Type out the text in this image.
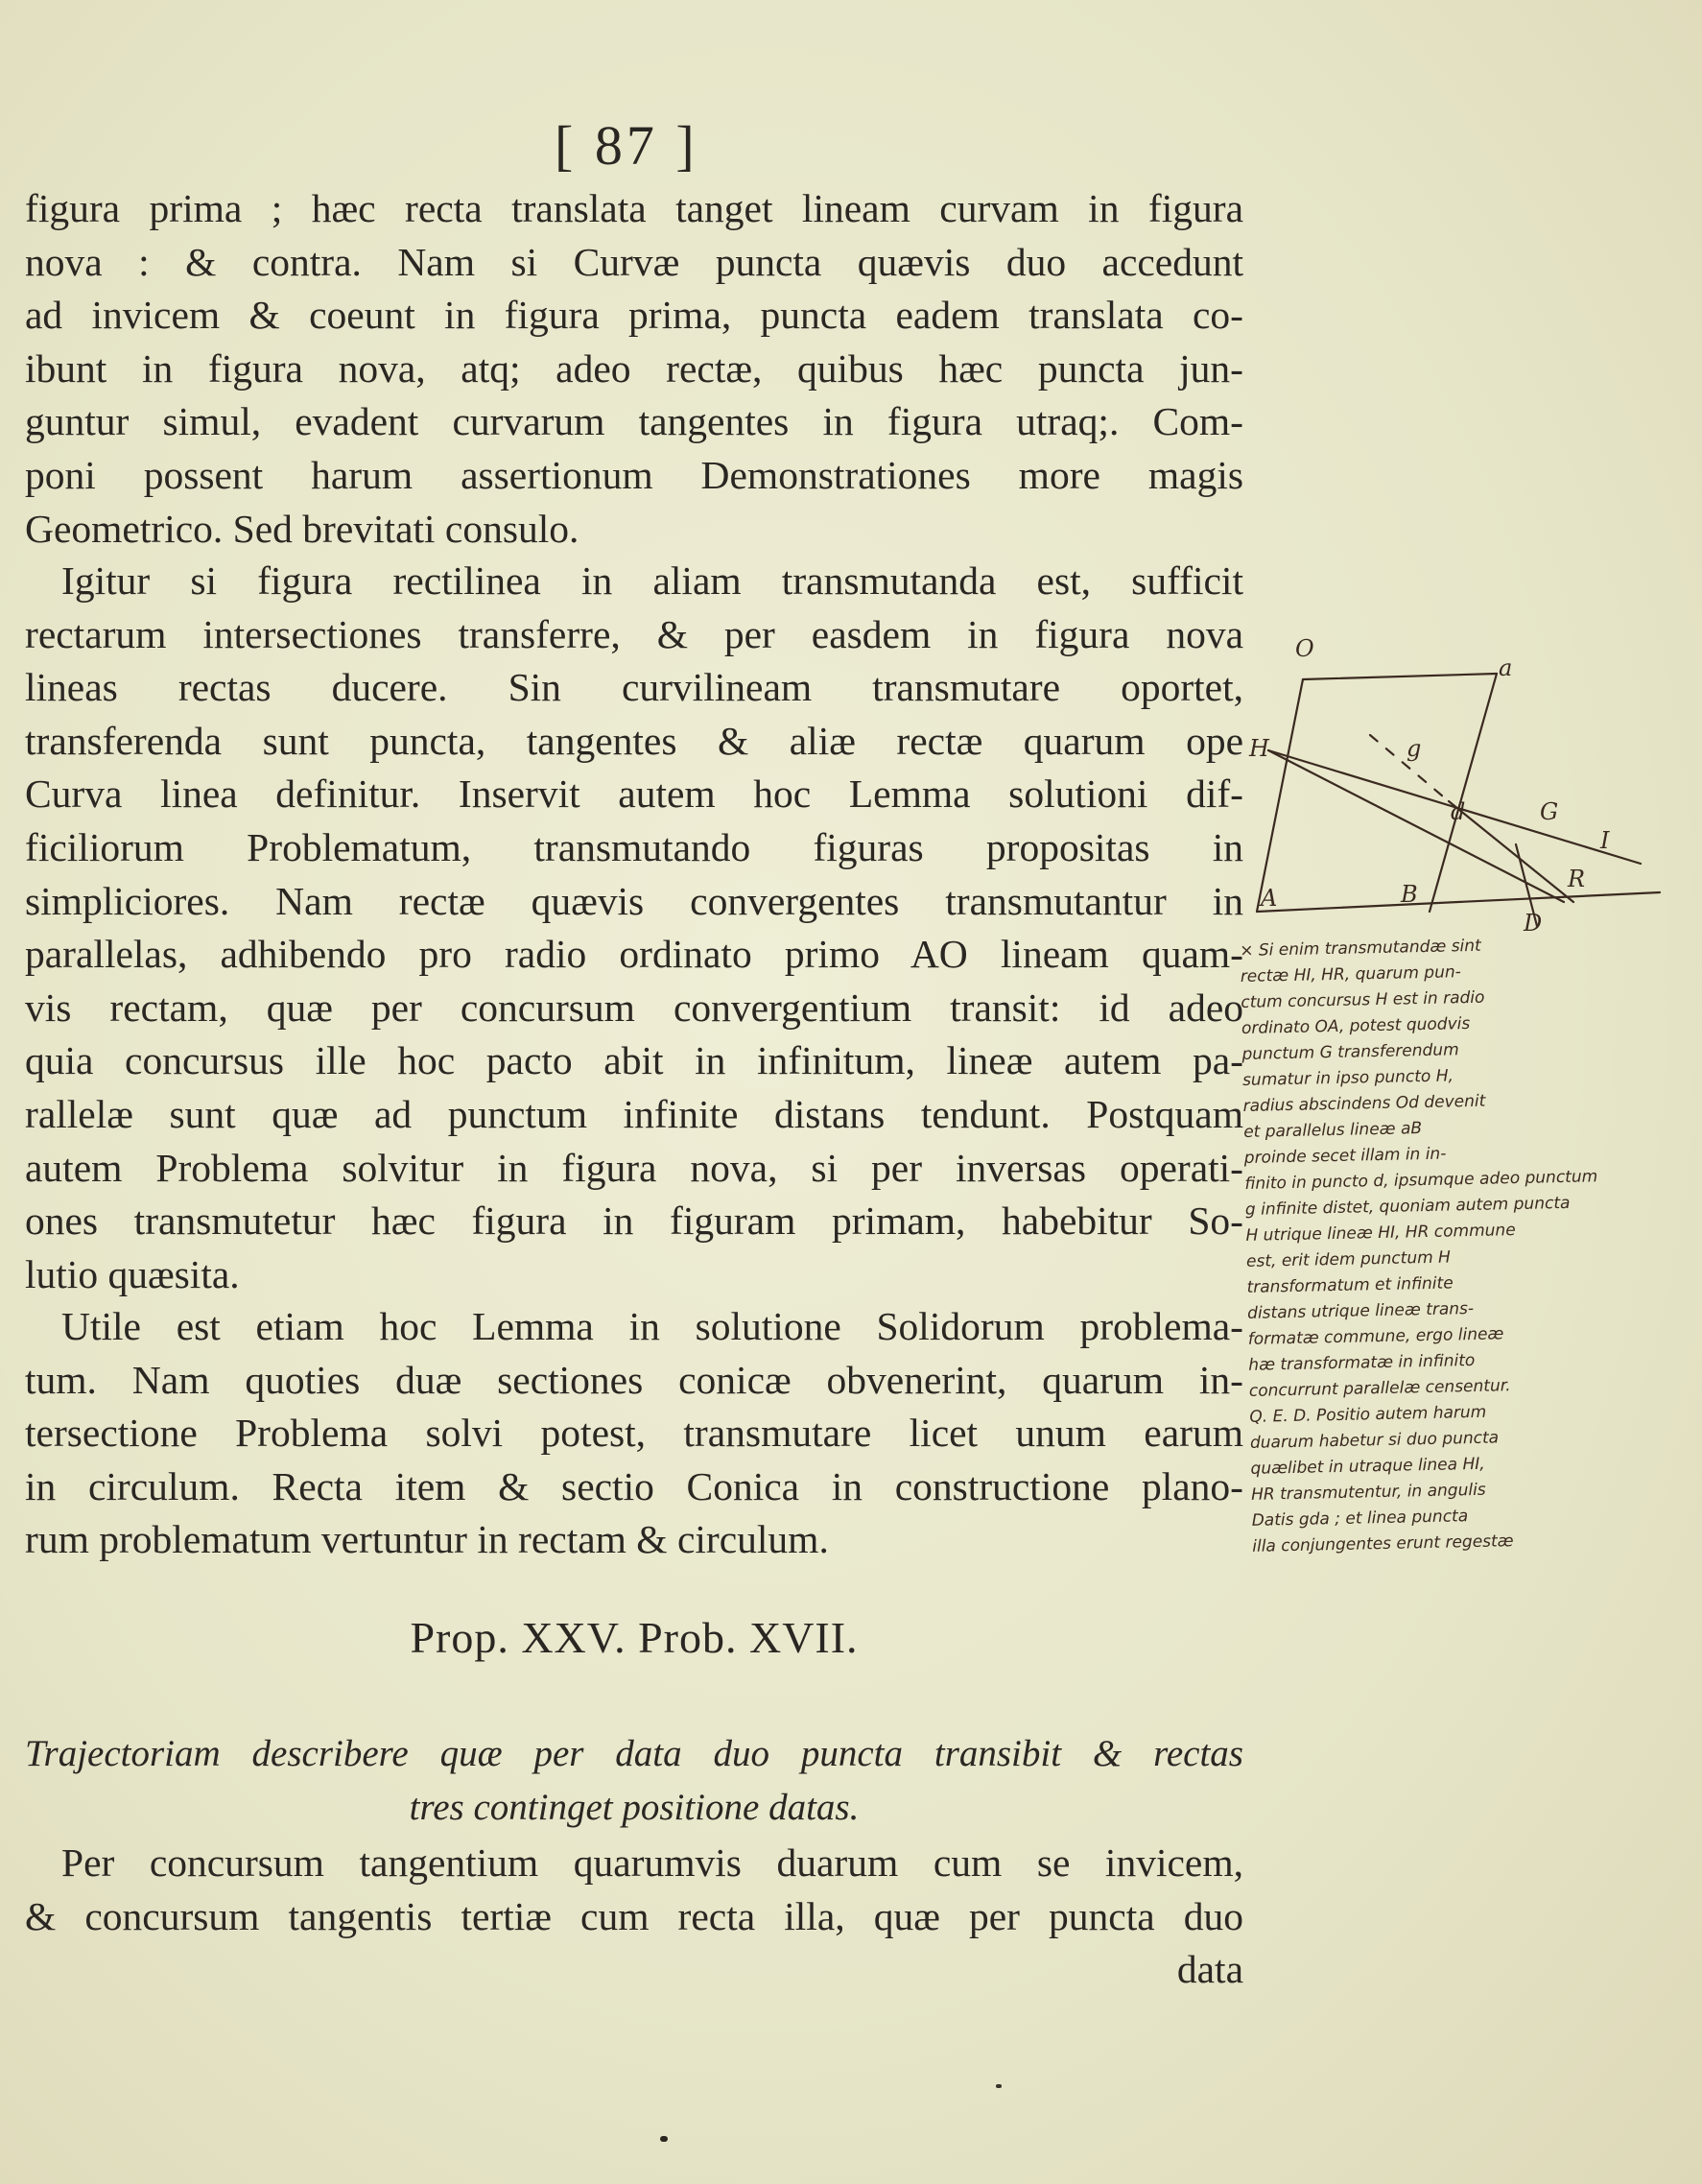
[ 87 ]
figura prima ; hæc recta translata tanget lineam curvam in figura
nova : & contra. Nam si Curvæ puncta quævis duo accedunt
ad invicem & coeunt in figura prima, puncta eadem translata co-
ibunt in figura nova, atq; adeo rectæ, quibus hæc puncta jun-
guntur simul, evadent curvarum tangentes in figura utraq;. Com-
poni possent harum assertionum Demonstrationes more magis
Geometrico. Sed brevitati consulo.
Igitur si figura rectilinea in aliam transmutanda est, sufficit
rectarum intersectiones transferre, & per easdem in figura nova
lineas rectas ducere. Sin curvilineam transmutare oportet,
transferenda sunt puncta, tangentes & aliæ rectæ quarum ope
Curva linea definitur. Inservit autem hoc Lemma solutioni dif-
ficiliorum Problematum, transmutando figuras propositas in
simpliciores. Nam rectæ quævis convergentes transmutantur in
parallelas, adhibendo pro radio ordinato primo AO lineam quam-
vis rectam, quæ per concursum convergentium transit: id adeo
quia concursus ille hoc pacto abit in infinitum, lineæ autem pa-
rallelæ sunt quæ ad punctum infinite distans tendunt. Postquam
autem Problema solvitur in figura nova, si per inversas operati-
ones transmutetur hæc figura in figuram primam, habebitur So-
lutio quæsita.
Utile est etiam hoc Lemma in solutione Solidorum problema-
tum. Nam quoties duæ sectiones conicæ obvenerint, quarum in-
tersectione Problema solvi potest, transmutare licet unum earum
in circulum. Recta item & sectio Conica in constructione plano-
rum problematum vertuntur in rectam & circulum.
Prop. XXV. Prob. XVII.
Trajectoriam describere quæ per data duo puncta transibit & rectas
tres continget positione datas.
Per concursum tangentium quarumvis duarum cum se invicem,
& concursum tangentis tertiæ cum recta illa, quæ per puncta duo
data
O
a
H	g
G
d
I
A	B
R
D
× Si enim transmutandæ sint
rectæ HI, HR, quarum pun-
ctum concursus H est in radio
ordinato OA, potest quodvis
punctum G transferendum
sumatur in ipso puncto H,
radius abscindens Od devenit
et parallelus lineæ aB
proinde secet illam in in-
finito in puncto d, ipsumque adeo punctum
g infinite distet, quoniam autem puncta
H utrique lineæ HI, HR commune
est, erit idem punctum H
transformatum et infinite
distans utrique lineæ trans-
formatæ commune, ergo lineæ
hæ transformatæ in infinito
concurrunt parallelæ censentur.
Q. E. D. Positio autem harum
duarum habetur si duo puncta
quælibet in utraque linea HI,
HR transmutentur, in angulis
Datis gda ; et linea puncta
illa conjungentes erunt regestæ
